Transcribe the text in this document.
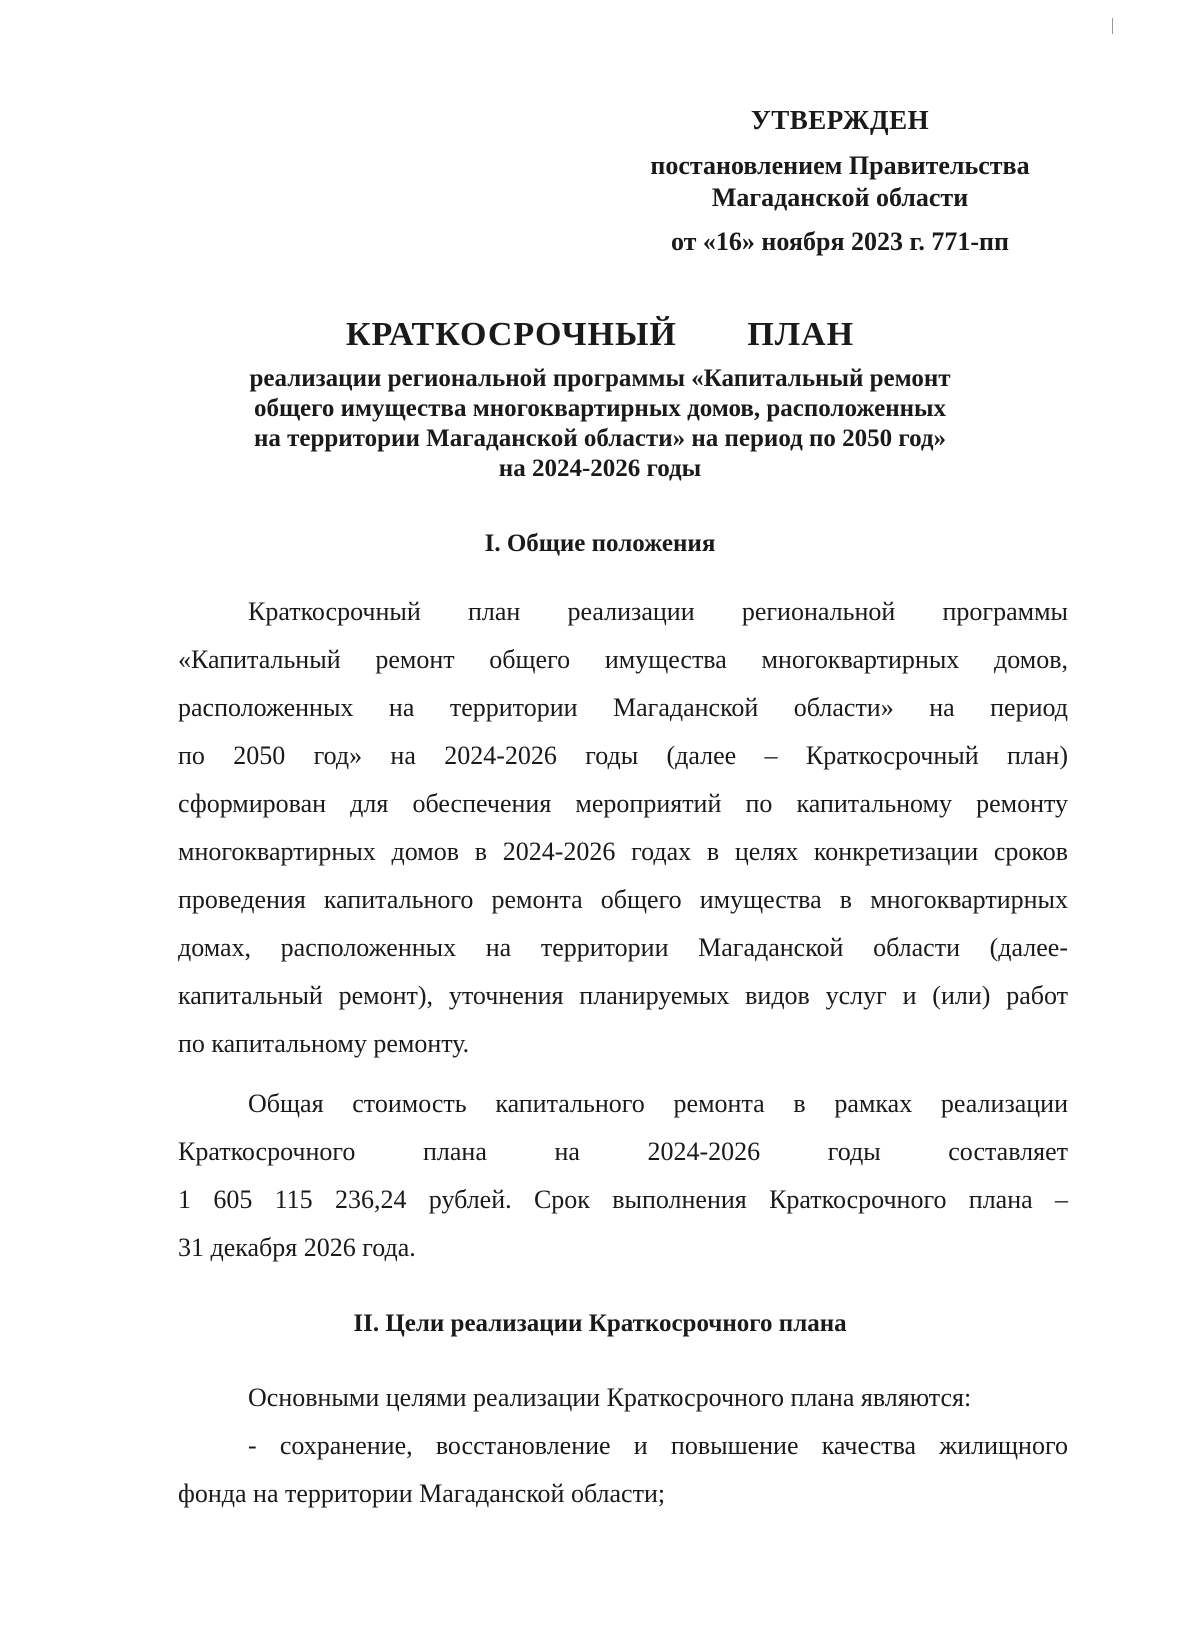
УТВЕРЖДЕН
постановлением Правительства
Магаданской области
от «16» ноября 2023 г. 771-пп
КРАТКОСРОЧНЫЙ   ПЛАН
реализации региональной программы «Капитальный ремонт
общего имущества многоквартирных домов, расположенных
на территории Магаданской области» на период по 2050 год»
на 2024-2026 годы
I. Общие положения
Краткосрочный план реализации региональной программы
«Капитальный ремонт общего имущества многоквартирных домов,
расположенных на территории Магаданской области» на период
по 2050 год» на 2024-2026 годы (далее – Краткосрочный план)
сформирован для обеспечения мероприятий по капитальному ремонту
многоквартирных домов в 2024-2026 годах в целях конкретизации сроков
проведения капитального ремонта общего имущества в многоквартирных
домах, расположенных на территории Магаданской области (далее-
капитальный ремонт), уточнения планируемых видов услуг и (или) работ
по капитальному ремонту.
Общая стоимость капитального ремонта в рамках реализации
Краткосрочного плана на 2024-2026 годы составляет
1 605 115 236,24 рублей. Срок выполнения Краткосрочного плана –
31 декабря 2026 года.
II. Цели реализации Краткосрочного плана
Основными целями реализации Краткосрочного плана являются:
- сохранение, восстановление и повышение качества жилищного
фонда на территории Магаданской области;
